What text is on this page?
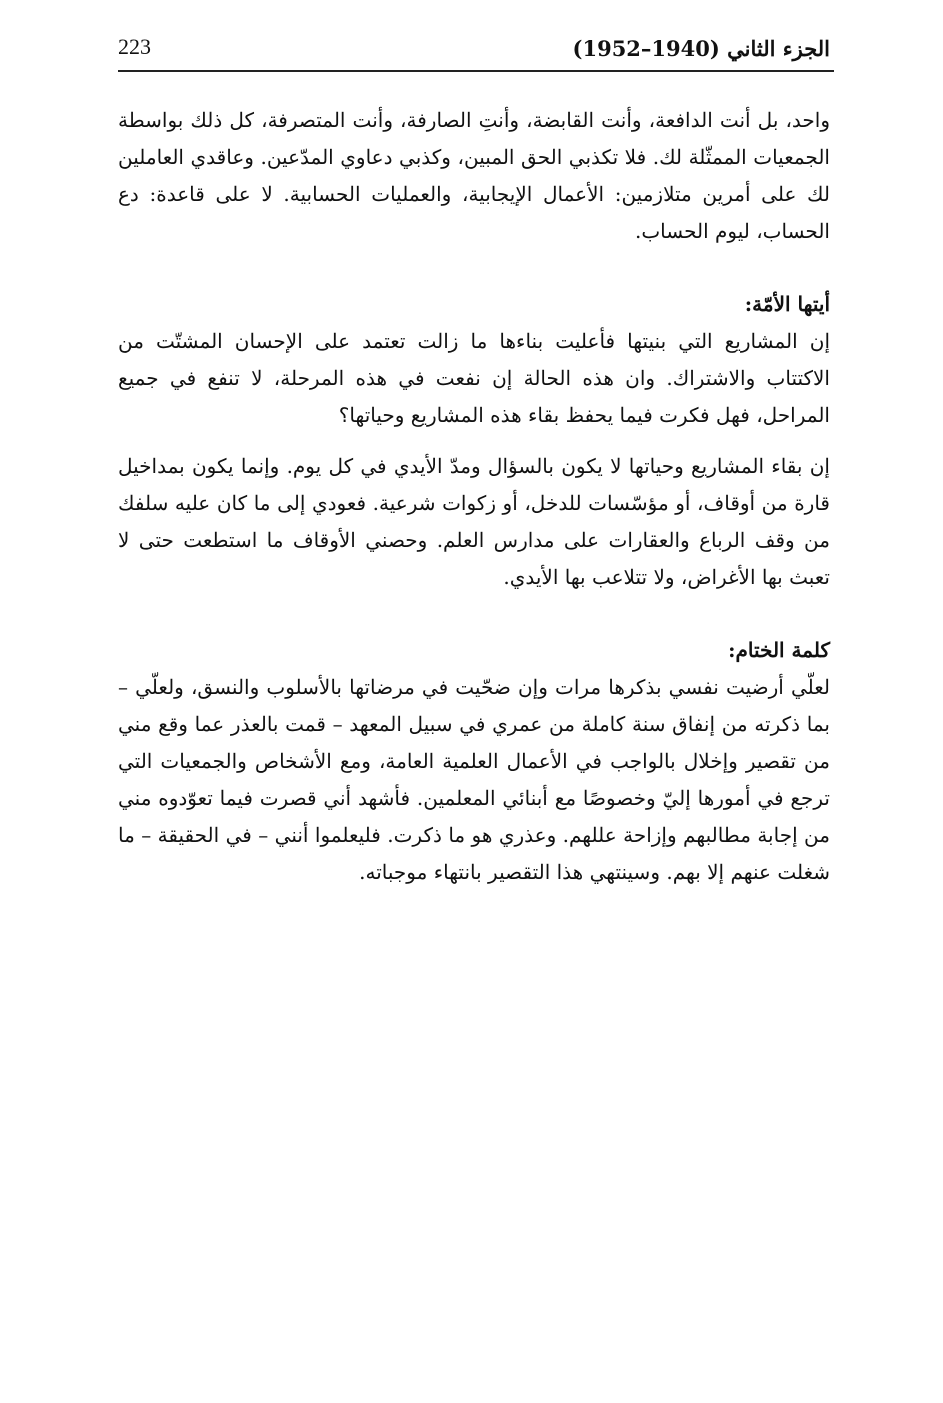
الجزء الثاني (1940–1952)
223

واحد، بل أنت الدافعة، وأنت القابضة، وأنتِ الصارفة، وأنت المتصرفة، كل ذلك بواسطة الجمعيات الممثّلة لك. فلا تكذبي الحق المبين، وكذبي دعاوي المدّعين. وعاقدي العاملين لك على أمرين متلازمين: الأعمال الإيجابية، والعمليات الحسابية. لا على قاعدة: دع الحساب، ليوم الحساب.

أيتها الأمّة:

إن المشاريع التي بنيتها فأعليت بناءها ما زالت تعتمد على الإحسان المشتّت من الاكتتاب والاشتراك. وان هذه الحالة إن نفعت في هذه المرحلة، لا تنفع في جميع المراحل، فهل فكرت فيما يحفظ بقاء هذه المشاريع وحياتها؟

إن بقاء المشاريع وحياتها لا يكون بالسؤال ومدّ الأيدي في كل يوم. وإنما يكون بمداخيل قارة من أوقاف، أو مؤسّسات للدخل، أو زكوات شرعية. فعودي إلى ما كان عليه سلفك من وقف الرباع والعقارات على مدارس العلم. وحصني الأوقاف ما استطعت حتى لا تعبث بها الأغراض، ولا تتلاعب بها الأيدي.

كلمة الختام:

لعلّي أرضيت نفسي بذكرها مرات وإن ضحّيت في مرضاتها بالأسلوب والنسق، ولعلّي – بما ذكرته من إنفاق سنة كاملة من عمري في سبيل المعهد – قمت بالعذر عما وقع مني من تقصير وإخلال بالواجب في الأعمال العلمية العامة، ومع الأشخاص والجمعيات التي ترجع في أمورها إليّ وخصوصًا مع أبنائي المعلمين. فأشهد أني قصرت فيما تعوّدوه مني من إجابة مطالبهم وإزاحة عللهم. وعذري هو ما ذكرت. فليعلموا أنني – في الحقيقة – ما شغلت عنهم إلا بهم. وسينتهي هذا التقصير بانتهاء موجباته.
